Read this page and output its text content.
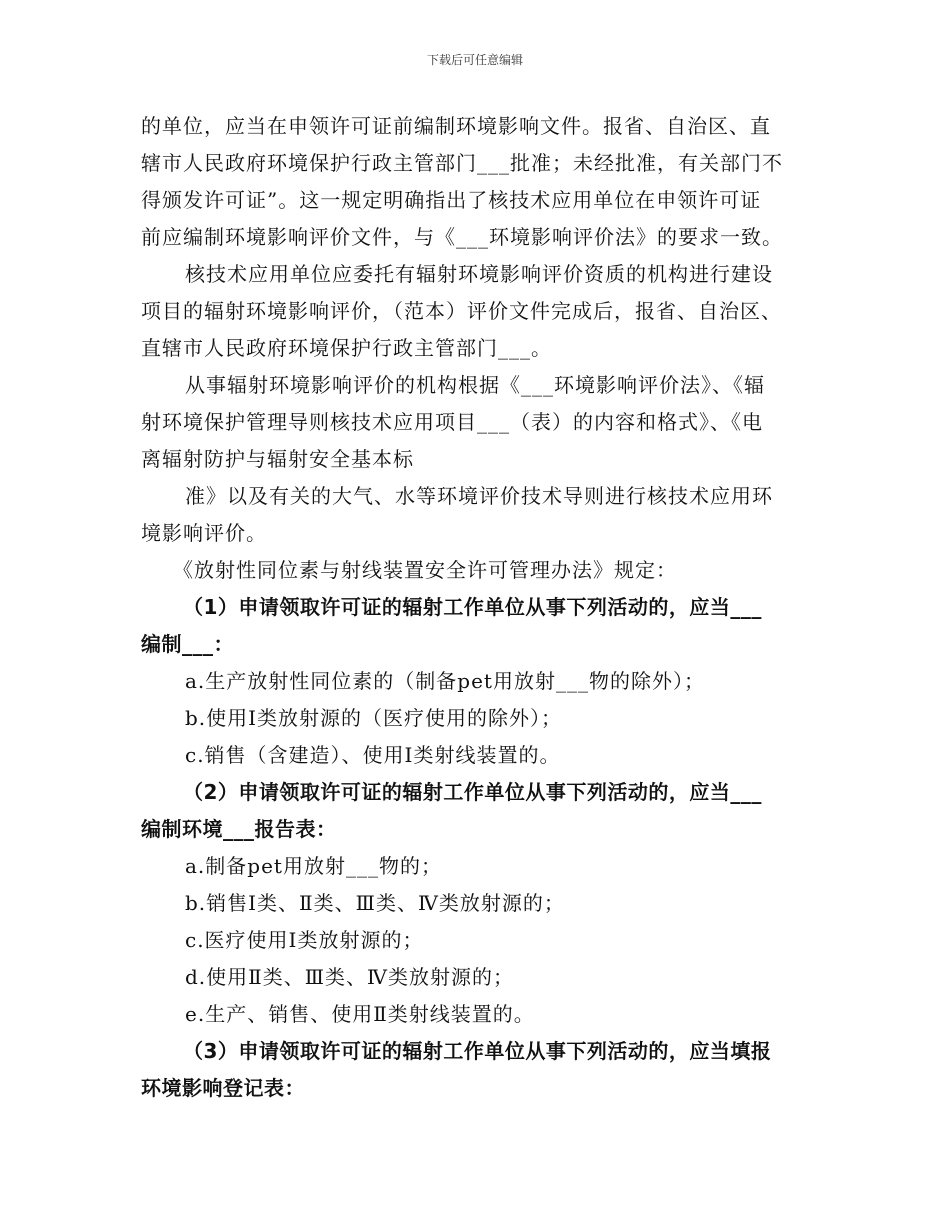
下载后可任意编辑
的单位，应当在申领许可证前编制环境影响文件。报省、自治区、直
辖市人民政府环境保护行政主管部门___批准；未经批准，有关部门不
得颁发许可证”。这一规定明确指出了核技术应用单位在申领许可证
前应编制环境影响评价文件，与《___环境影响评价法》的要求一致。
核技术应用单位应委托有辐射环境影响评价资质的机构进行建设
项目的辐射环境影响评价，（范本）评价文件完成后，报省、自治区、
直辖市人民政府环境保护行政主管部门___。
从事辐射环境影响评价的机构根据《___环境影响评价法》、《辐
射环境保护管理导则核技术应用项目___（表）的内容和格式》、《电
离辐射防护与辐射安全基本标
准》以及有关的大气、水等环境评价技术导则进行核技术应用环
境影响评价。
《放射性同位素与射线装置安全许可管理办法》规定：
（1）申请领取许可证的辐射工作单位从事下列活动的，应当___
编制___：
a.生产放射性同位素的（制备pet用放射___物的除外）；
b.使用Ⅰ类放射源的（医疗使用的除外）；
c.销售（含建造）、使用Ⅰ类射线装置的。
（2）申请领取许可证的辐射工作单位从事下列活动的，应当___
编制环境___报告表：
a.制备pet用放射___物的；
b.销售Ⅰ类、Ⅱ类、Ⅲ类、Ⅳ类放射源的；
c.医疗使用Ⅰ类放射源的；
d.使用Ⅱ类、Ⅲ类、Ⅳ类放射源的；
e.生产、销售、使用Ⅱ类射线装置的。
（3）申请领取许可证的辐射工作单位从事下列活动的，应当填报
环境影响登记表：
